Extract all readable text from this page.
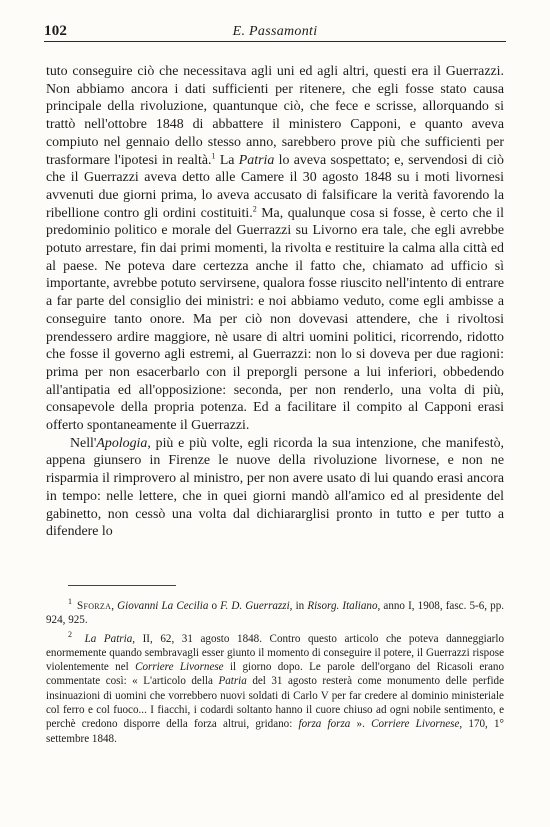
102	E. Passamonti

tuto conseguire ciò che necessitava agli uni ed agli altri, questi era il Guerrazzi. Non abbiamo ancora i dati sufficienti per ritenere, che egli fosse stato causa principale della rivoluzione, quantunque ciò, che fece e scrisse, allorquando si trattò nell'ottobre 1848 di abbattere il ministero Capponi, e quanto aveva compiuto nel gennaio dello stesso anno, sarebbero prove più che sufficienti per trasformare l'ipotesi in realtà.$^1$ La Patria lo aveva sospettato; e, servendosi di ciò che il Guerrazzi aveva detto alle Camere il 30 agosto 1848 su i moti livornesi avvenuti due giorni prima, lo aveva accusato di falsificare la verità favorendo la ribellione contro gli ordini costituiti.$^2$ Ma, qualunque cosa si fosse, è certo che il predominio politico e morale del Guerrazzi su Livorno era tale, che egli avrebbe potuto arrestare, fin dai primi momenti, la rivolta e restituire la calma alla città ed al paese. Ne poteva dare certezza anche il fatto che, chiamato ad ufficio sì importante, avrebbe potuto servirsene, qualora fosse riuscito nell'intento di entrare a far parte del consiglio dei ministri: e noi abbiamo veduto, come egli ambisse a conseguire tanto onore. Ma per ciò non dovevasi attendere, che i rivoltosi prendessero ardire maggiore, nè usare di altri uomini politici, ricorrendo, ridotto che fosse il governo agli estremi, al Guerrazzi: non lo si doveva per due ragioni: prima per non esacerbarlo con il preporgli persone a lui inferiori, obbedendo all'antipatia ed all'opposizione: seconda, per non renderlo, una volta di più, consapevole della propria potenza. Ed a facilitare il compito al Capponi erasi offerto spontaneamente il Guerrazzi.

Nell'Apologia, più e più volte, egli ricorda la sua intenzione, che manifestò, appena giunsero in Firenze le nuove della rivoluzione livornese, e non ne risparmia il rimprovero al ministro, per non avere usato di lui quando erasi ancora in tempo: nelle lettere, che in quei giorni mandò all'amico ed al presidente del gabinetto, non cessò una volta dal dichiararglisi pronto in tutto e per tutto a difendere lo

$^1$ Sforza, Giovanni La Cecilia o F. D. Guerrazzi, in Risorg. Italiano, anno I, 1908, fasc. 5-6, pp. 924, 925.

$^2$ La Patria, II, 62, 31 agosto 1848. Contro questo articolo che poteva danneggiarlo enormemente quando sembravagli esser giunto il momento di conseguire il potere, il Guerrazzi rispose violentemente nel Corriere Livornese il giorno dopo. Le parole dell'organo del Ricasoli erano commentate così: « L'articolo della Patria del 31 agosto resterà come monumento delle perfide insinuazioni di uomini che vorrebbero nuovi soldati di Carlo V per far credere al dominio ministeriale col ferro e col fuoco... I fiacchi, i codardi soltanto hanno il cuore chiuso ad ogni nobile sentimento, e perchè credono disporre della forza altrui, gridano: forza forza ». Corriere Livornese, 170, 1° settembre 1848.
